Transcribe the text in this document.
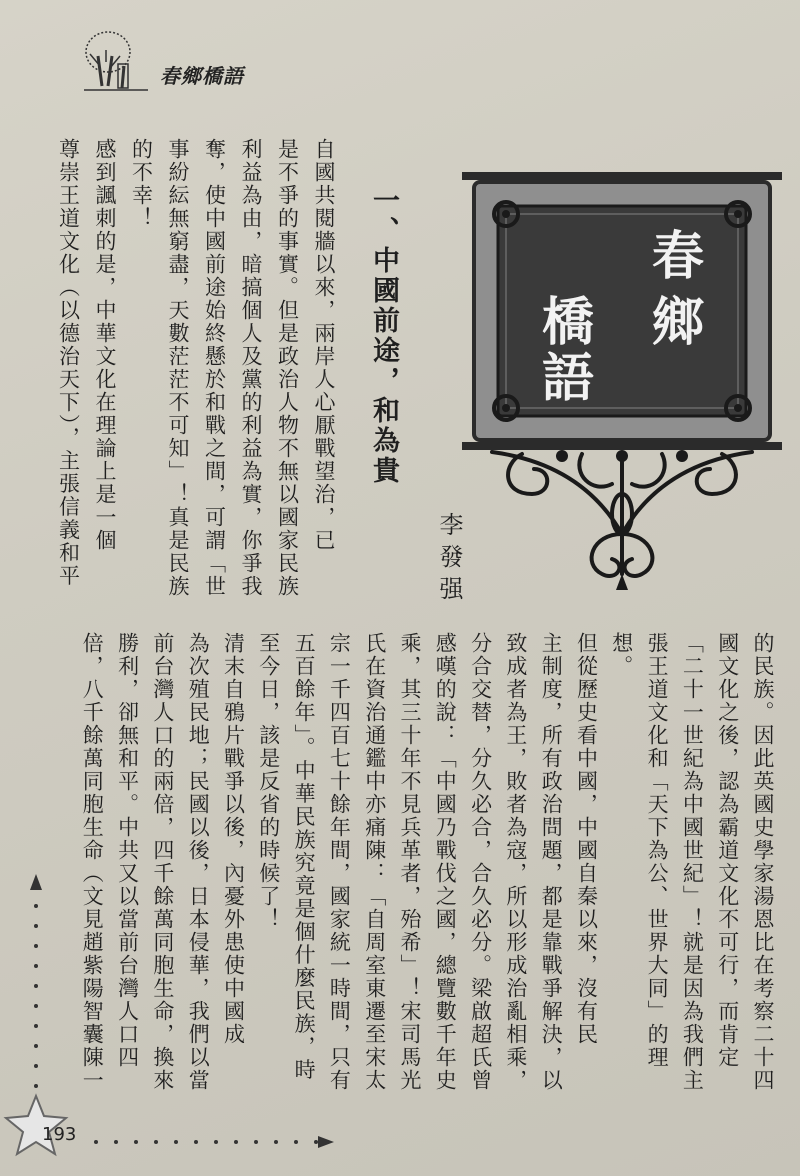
春鄉橋語
自國共閱牆以來，兩岸人心厭戰望治，已
是不爭的事實。但是政治人物不無以國家民族
利益為由，暗搞個人及黨的利益為實，你爭我
奪，使中國前途始終懸於和戰之間，可謂「世
事紛紜無窮盡，天數茫茫不可知」！真是民族
的不幸！
感到諷刺的是，中華文化在理論上是一個
尊崇王道文化（以德治天下），主張信義和平	一、中國前途，和為貴
李發强
春
鄉
橋
語
的民族。因此英國史學家湯恩比在考察二十四
國文化之後，認為霸道文化不可行，而肯定
「二十一世紀為中國世紀」！就是因為我們主
張王道文化和「天下為公、世界大同」的理
想。
但從歷史看中國，中國自秦以來，沒有民
主制度，所有政治問題，都是靠戰爭解決，以
致成者為王，敗者為寇，所以形成治亂相乘，
分合交替，分久必合，合久必分。梁啟超氏曾
感嘆的說：「中國乃戰伐之國，總覽數千年史
乘，其三十年不見兵革者，殆希」！宋司馬光
氏在資治通鑑中亦痛陳：「自周室東遷至宋太
宗一千四百七十餘年間，國家統一時間，只有
五百餘年」。中華民族究竟是個什麼民族，時
至今日，該是反省的時候了！
清末自鴉片戰爭以後，內憂外患使中國成
為次殖民地；民國以後，日本侵華，我們以當
前台灣人口的兩倍，四千餘萬同胞生命，換來
勝利，卻無和平。中共又以當前台灣人口四
倍，八千餘萬同胞生命（文見趙紫陽智囊陳一
193
